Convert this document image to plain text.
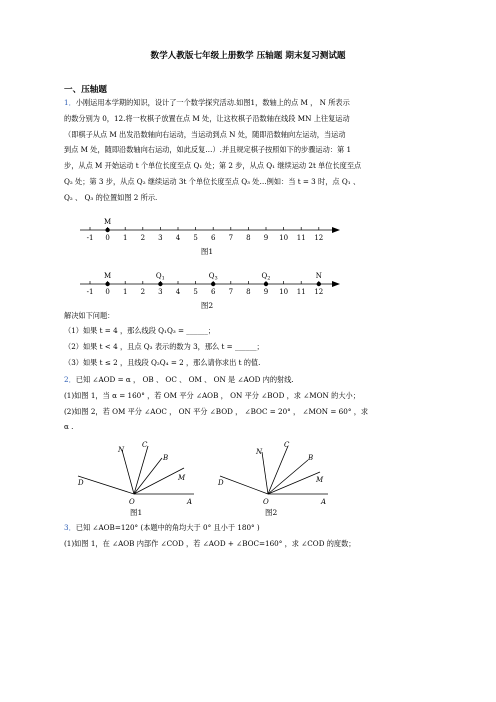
数学人教版七年级上册数学 压轴题 期末复习测试题
一、压轴题
1．小刚运用本学期的知识，设计了一个数学探究活动.如图1，数轴上的点 M ， N 所表示
的数分别为 0，12.将一枚棋子放置在点 M 处，让这枚棋子沿数轴在线段 MN 上往复运动
（即棋子从点 M 出发沿数轴向右运动，当运动到点 N 处，随即沿数轴向左运动，当运动
到点 M 处，随即沿数轴向右运动，如此反复…）.并且规定棋子按照如下的步骤运动：第 1
步，从点 M 开始运动 t 个单位长度至点 Q₁ 处；第 2 步，从点 Q₁ 继续运动 2t 单位长度至点
Q₂ 处；第 3 步，从点 Q₂ 继续运动 3t 个单位长度至点 Q₃ 处…例如：当 t = 3 时，点 Q₁ 、
Q₂ 、 Q₃ 的位置如图 2 所示.
-1 0 1 2 3 4 5 6 7 8 9 10 11 12
M
图1
-1 0 1 2 3 4 5 6 7 8 9 10 11 12
M	$Q_1$	$Q_3$	$Q_2$	N
图2
解决如下问题：
（1）如果 t = 4 ，那么线段 Q₁Q₃ = ______；
（2）如果 t < 4 ，且点 Q₃ 表示的数为 3，那么 t = ______；
（3）如果 t ≤ 2 ，且线段 Q₂Q₄ = 2 ，那么请你求出 t 的值.
2．已知 ∠AOD = α ， OB 、 OC 、 OM 、 ON 是 ∠AOD 内的射线.
(1)如图 1，当 α = 160° ，若 OM 平分 ∠AOB ， ON 平分 ∠BOD ，求 ∠MON 的大小；
(2)如图 2，若 OM 平分 ∠AOC ， ON 平分 ∠BOD ， ∠BOC = 20° ， ∠MON = 60° ，求
α .
N
C
B
M
A
D
O
图1
N
C
B
M
A
D
O
图2
3．已知 ∠AOB=120° (本题中的角均大于 0° 且小于 180° )
(1)如图 1，在 ∠AOB 内部作 ∠COD ，若 ∠AOD + ∠BOC=160° ，求 ∠COD 的度数；
